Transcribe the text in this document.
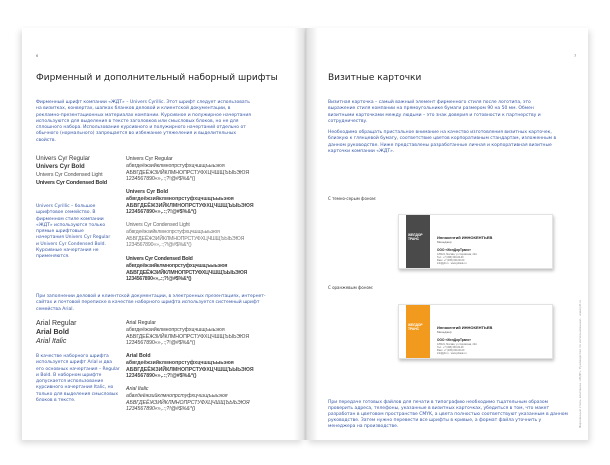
6
Фирменный и дополнительный наборный шрифты
Фирменный шрифт компании «ЖДТ» – Univers Cyrillic. Этот шрифт следует использовать на визитках, конвертах, шапках бланков деловой и клиентской документации, в рекламно-презентационных материалах компании. Курсивное и полужирное начертания используются для выделения в тексте заголовков или смысловых блоков, но не для сплошного набора. Использование курсивного и полужирного начертаний отдельно от обычного (нормального) запрещается во избежание утяжеления и выделительных свойств.
Univers Cyr Regular
Univers Cyr Bold
Univers Cyr Condensed Light
Univers Cyr Condensed Bold
Univers Cyrillic – большое шрифтовое семейство. В фирменном стиле компании «ЖДТ» используются только прямые шрифтовые начертания Univers Cyr Regular и Univers Cyr Condensed Bold. Курсивные начертания не применяются.
Univers Cyr Regular
абвгдеёжзийклмнопрстуфхцчшщъыьэюя
АБВГДЕЁЖЗИЙКЛМНОПРСТУФХЦЧШЩЪЫЬЭЮЯ
1234567890«»,.:;?!@#$%&*()
Univers Cyr Bold
абвгдеёжзийклмнопрстуфхцчшщъыьэюя
АБВГДЕЁЖЗИЙКЛМНОПРСТУФХЦЧШЩЪЫЬЭЮЯ
1234567890«»,.:;?!@#$%&*()
Univers Cyr Condensed Light
абвгдеёжзийклмнопрстуфхцчшщъыьэюя
АБВГДЕЁЖЗИЙКЛМНОПРСТУФХЦЧШЩЪЫЬЭЮЯ
1234567890«»,.:;?!@#$%&*()
Univers Cyr Condensed Bold
абвгдеёжзийклмнопрстуфхцчшщъыьэюя
АБВГДЕЁЖЗИЙКЛМНОПРСТУФХЦЧШЩЪЫЬЭЮЯ
1234567890«»,.:;?!@#$%&*()
При заполнении деловой и клиентской документации, в электронных презентациях, интернет-сайтах и почтовой переписке в качестве наборного шрифта используется системный шрифт семейства Arial.
Arial Regular
Arial Bold
Arial Italic
В качестве наборного шрифта используется шрифт Arial и два его основных начертания – Regular и Bold. В наборном шрифте допускается использование курсивного начертания Italic, но только для выделения смысловых блоков в тексте.
Arial Regular
абвгдеёжзийклмнопрстуфхцчшщъыьэюя
АБВГДЕЁЖЗИЙКЛМНОПРСТУФХЦЧШЩЪЫЬЭЮЯ
1234567890«»,.:;?!@#$%&*()
Arial Bold
абвгдеёжзийклмнопрстуфхцчшщъыьэюя
АБВГДЕЁЖЗИЙКЛМНОПРСТУФХЦЧШЩЪЫЬЭЮЯ
1234567890«»,.:;?!@#$%&*()
Arial Italic
абвгдеёжзийклмнопрстуфхцчшщъыьэюя
АБВГДЕЁЖЗИЙКЛМНОПРСТУФХЦЧШЩЪЫЬЭЮЯ
1234567890«»,.:;?!@#$%&*()
7
Визитные карточки
Визитная карточка – самый важный элемент фирменного стиля после логотипа, это выражение стиля компании на прямоугольнике бумаги размером 90 на 50 мм. Обмен визитными карточками между людьми – это знак доверия и готовности к партнерству и сотрудничеству.
Необходимо обращать пристальное внимание на качество изготовления визитных карточек, близкую к глянцевой бумагу, соответствие цветов корпоративным стандартам, изложенным в данном руководстве. Ниже представлены разработанные личная и корпоративная визитные карточки компании «ЖДТ».
С темно-серым фоном:
ЖЕЛДОР
ТРАНС	Иннокентий ИННОКЕНТЬЕВ
Менеджер
ООО «ЖелДорТранс»
125421, Москва, ул. Кировская, 22А
Тел.: +7 (495) 000-00-00
Факс: +7 (495) 000-00-00
info@jdt.ru · www.jdtrade.ru
С оранжевым фоном:
ЖЕЛДОР
ТРАНС	Иннокентий ИННОКЕНТЬЕВ
Менеджер
ООО «ЖелДорТранс»
125421, Москва, ул. Кировская, 22А
Тел.: +7 (495) 000-00-00
Факс: +7 (495) 000-00-00
info@jdt.ru · www.jdtrade.ru
При передаче готовых файлов для печати в типографию необходимо тщательным образом проверить адреса, телефоны, указанные в визитных карточках, убедиться в том, что макет разработан в цветовом пространстве CMYK, а цвета полностью соответствуют указанным в данном руководстве. Затем нужно перевести все шрифты в кривые, а формат файла уточнить у менеджера на производстве.	Фирменный стиль компании «ЖДТ». Руководство по использованию · www.jdt.ru
